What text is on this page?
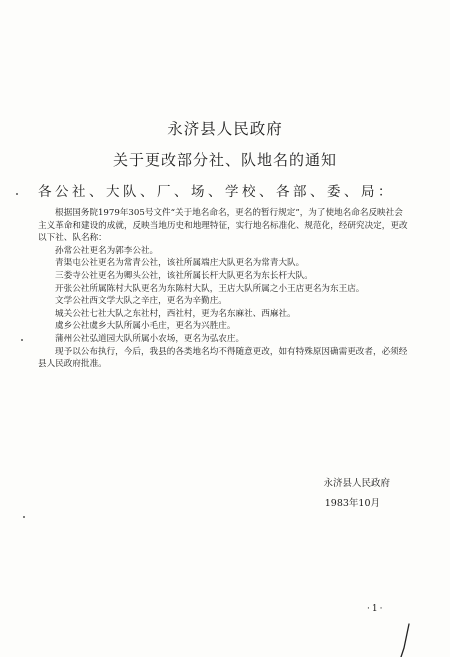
永济县人民政府
关于更改部分社、队地名的通知
各公社、大队、厂、场、学校、各部、委、局：

根据国务院1979年305号文件“关于地名命名，更名的暂行规定”，为了使地名命名反映社会主义革命和建设的成就，反映当地历史和地理特征，实行地名标准化、规范化，经研究决定，更改以下社、队名称：

孙常公社更名为郭李公社。

青渠屯公社更名为常青公社，该社所属端庄大队更名为常青大队。

三娄寺公社更名为卿头公社，该社所属长杆大队更名为东长杆大队。

开张公社所属陈村大队更名为东陈村大队，王店大队所属之小王店更名为东王店。

文学公社西文学大队之辛庄，更名为辛勤庄。

城关公社七社大队之东社村，西社村，更为名东麻社、西麻社。

虞乡公社虞乡大队所属小毛庄，更名为兴胜庄。

蒲州公社弘道园大队所属小农场，更名为弘农庄。

现予以公布执行，今后，我县的各类地名均不得随意更改，如有特殊原因确需更改者，必须经县人民政府批准。

永济县人民政府
1983年10月
·1·
